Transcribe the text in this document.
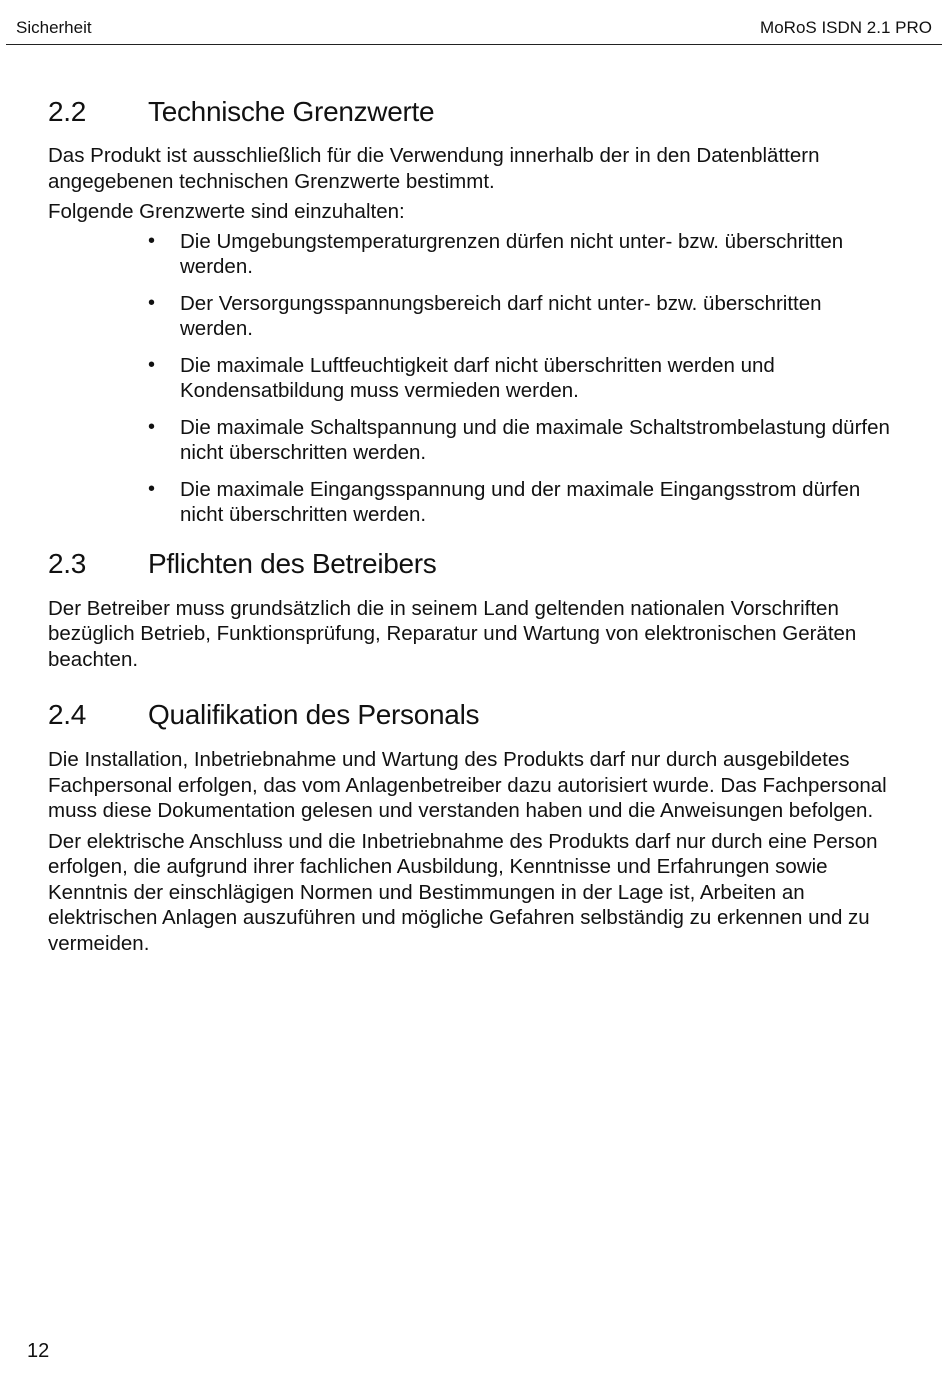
Sicherheit	MoRoS ISDN 2.1 PRO
2.2	Technische Grenzwerte

Das Produkt ist ausschließlich für die Verwendung innerhalb der in den Datenblättern angegebenen technischen Grenzwerte bestimmt.

Folgende Grenzwerte sind einzuhalten:

• Die Umgebungstemperaturgrenzen dürfen nicht unter- bzw. überschritten werden.
• Der Versorgungsspannungsbereich darf nicht unter- bzw. überschritten werden.
• Die maximale Luftfeuchtigkeit darf nicht überschritten werden und Kondensatbildung muss vermieden werden.
• Die maximale Schaltspannung und die maximale Schaltstrombelastung dürfen nicht überschritten werden.
• Die maximale Eingangsspannung und der maximale Eingangsstrom dürfen nicht überschritten werden.
2.3	Pflichten des Betreibers

Der Betreiber muss grundsätzlich die in seinem Land geltenden nationalen Vorschriften bezüglich Betrieb, Funktionsprüfung, Reparatur und Wartung von elektronischen Geräten beachten.

2.4	Qualifikation des Personals

Die Installation, Inbetriebnahme und Wartung des Produkts darf nur durch ausgebildetes Fachpersonal erfolgen, das vom Anlagenbetreiber dazu autorisiert wurde. Das Fachpersonal muss diese Dokumentation gelesen und verstanden haben und die Anweisungen befolgen.

Der elektrische Anschluss und die Inbetriebnahme des Produkts darf nur durch eine Person erfolgen, die aufgrund ihrer fachlichen Ausbildung, Kenntnisse und Erfahrungen sowie Kenntnis der einschlägigen Normen und Bestimmungen in der Lage ist, Arbeiten an elektrischen Anlagen auszuführen und mögliche Gefahren selbständig zu erkennen und zu vermeiden.

12
